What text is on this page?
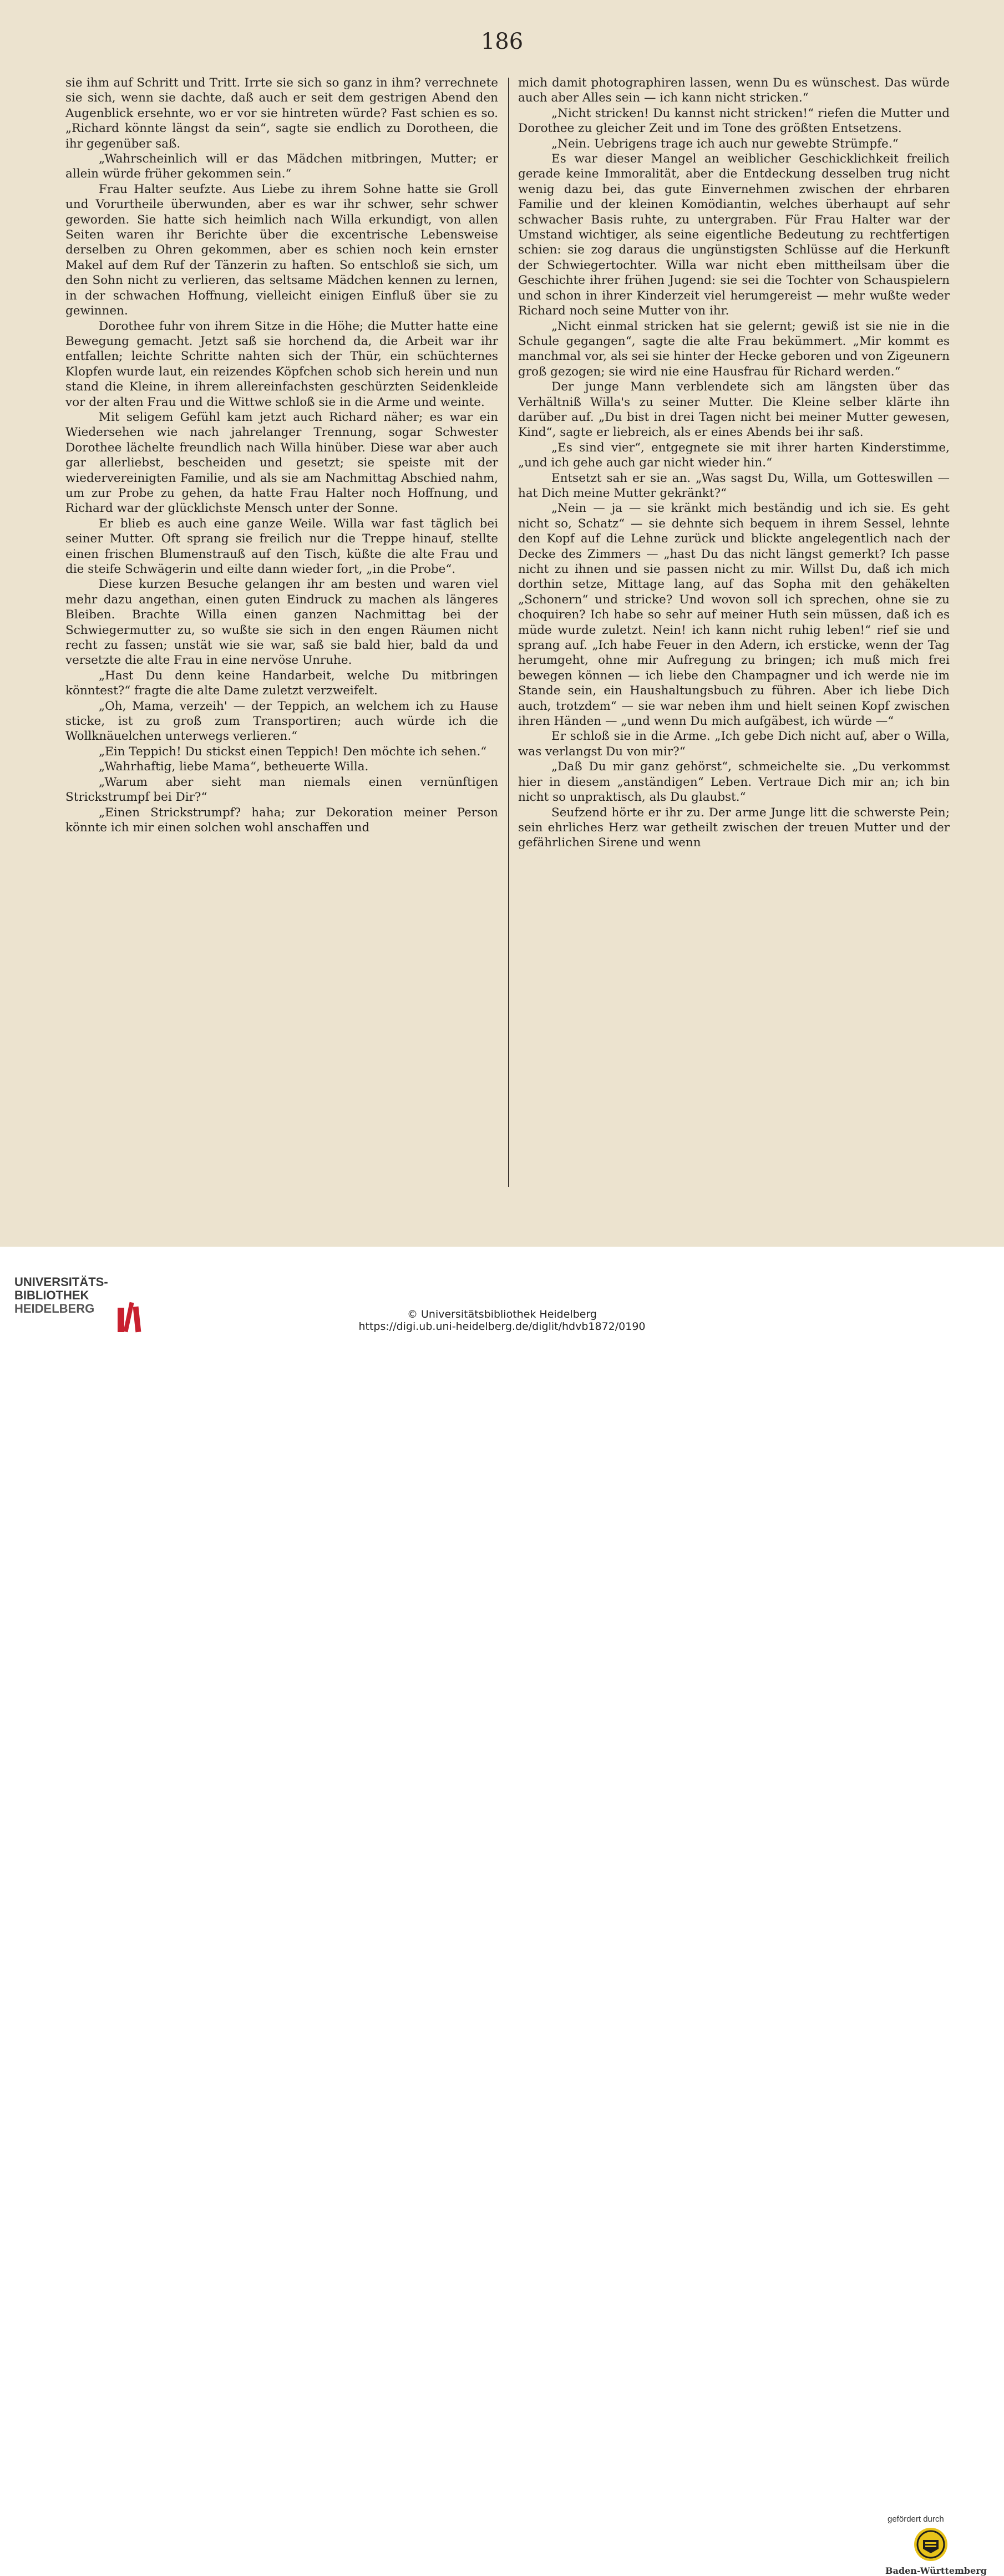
186

sie ihm auf Schritt und Tritt. Irrte sie sich so ganz in ihm? verrechnete sie sich, wenn sie dachte, daß auch er seit dem gestrigen Abend den Augenblick ersehnte, wo er vor sie hintreten würde? Fast schien es so. „Richard könnte längst da sein“, sagte sie endlich zu Dorotheen, die ihr gegenüber saß.

„Wahrscheinlich will er das Mädchen mitbringen, Mutter; er allein würde früher gekommen sein.“

Frau Halter seufzte. Aus Liebe zu ihrem Sohne hatte sie Groll und Vorurtheile überwunden, aber es war ihr schwer, sehr schwer geworden. Sie hatte sich heimlich nach Willa erkundigt, von allen Seiten waren ihr Berichte über die excentrische Lebensweise derselben zu Ohren gekommen, aber es schien noch kein ernster Makel auf dem Ruf der Tänzerin zu haften. So entschloß sie sich, um den Sohn nicht zu verlieren, das seltsame Mädchen kennen zu lernen, in der schwachen Hoffnung, vielleicht einigen Einfluß über sie zu gewinnen.

Dorothee fuhr von ihrem Sitze in die Höhe; die Mutter hatte eine Bewegung gemacht. Jetzt saß sie horchend da, die Arbeit war ihr entfallen; leichte Schritte nahten sich der Thür, ein schüchternes Klopfen wurde laut, ein reizendes Köpfchen schob sich herein und nun stand die Kleine, in ihrem allereinfachsten geschürzten Seidenkleide vor der alten Frau und die Wittwe schloß sie in die Arme und weinte.

Mit seligem Gefühl kam jetzt auch Richard näher; es war ein Wiedersehen wie nach jahrelanger Trennung, sogar Schwester Dorothee lächelte freundlich nach Willa hinüber. Diese war aber auch gar allerliebst, bescheiden und gesetzt; sie speiste mit der wiedervereinigten Familie, und als sie am Nachmittag Abschied nahm, um zur Probe zu gehen, da hatte Frau Halter noch Hoffnung, und Richard war der glücklichste Mensch unter der Sonne.

Er blieb es auch eine ganze Weile. Willa war fast täglich bei seiner Mutter. Oft sprang sie freilich nur die Treppe hinauf, stellte einen frischen Blumenstrauß auf den Tisch, küßte die alte Frau und die steife Schwägerin und eilte dann wieder fort, „in die Probe“.

Diese kurzen Besuche gelangen ihr am besten und waren viel mehr dazu angethan, einen guten Eindruck zu machen als längeres Bleiben. Brachte Willa einen ganzen Nachmittag bei der Schwiegermutter zu, so wußte sie sich in den engen Räumen nicht recht zu fassen; unstät wie sie war, saß sie bald hier, bald da und versetzte die alte Frau in eine nervöse Unruhe.

„Hast Du denn keine Handarbeit, welche Du mitbringen könntest?“ fragte die alte Dame zuletzt verzweifelt.

„Oh, Mama, verzeih' — der Teppich, an welchem ich zu Hause sticke, ist zu groß zum Transportiren; auch würde ich die Wollknäuelchen unterwegs verlieren.“

„Ein Teppich! Du stickst einen Teppich! Den möchte ich sehen.“

„Wahrhaftig, liebe Mama“, betheuerte Willa.

„Warum aber sieht man niemals einen vernünftigen Strickstrumpf bei Dir?“

„Einen Strickstrumpf? haha; zur Dekoration meiner Person könnte ich mir einen solchen wohl anschaffen und

mich damit photographiren lassen, wenn Du es wünschest. Das würde auch aber Alles sein — ich kann nicht stricken.“

„Nicht stricken! Du kannst nicht stricken!“ riefen die Mutter und Dorothee zu gleicher Zeit und im Tone des größten Entsetzens.

„Nein. Uebrigens trage ich auch nur gewebte Strümpfe.“

Es war dieser Mangel an weiblicher Geschicklichkeit freilich gerade keine Immoralität, aber die Entdeckung desselben trug nicht wenig dazu bei, das gute Einvernehmen zwischen der ehrbaren Familie und der kleinen Komödiantin, welches überhaupt auf sehr schwacher Basis ruhte, zu untergraben. Für Frau Halter war der Umstand wichtiger, als seine eigentliche Bedeutung zu rechtfertigen schien: sie zog daraus die ungünstigsten Schlüsse auf die Herkunft der Schwiegertochter. Willa war nicht eben mittheilsam über die Geschichte ihrer frühen Jugend: sie sei die Tochter von Schauspielern und schon in ihrer Kinderzeit viel herumgereist — mehr wußte weder Richard noch seine Mutter von ihr.

„Nicht einmal stricken hat sie gelernt; gewiß ist sie nie in die Schule gegangen“, sagte die alte Frau bekümmert. „Mir kommt es manchmal vor, als sei sie hinter der Hecke geboren und von Zigeunern groß gezogen; sie wird nie eine Hausfrau für Richard werden.“

Der junge Mann verblendete sich am längsten über das Verhältniß Willa's zu seiner Mutter. Die Kleine selber klärte ihn darüber auf. „Du bist in drei Tagen nicht bei meiner Mutter gewesen, Kind“, sagte er liebreich, als er eines Abends bei ihr saß.

„Es sind vier“, entgegnete sie mit ihrer harten Kinderstimme, „und ich gehe auch gar nicht wieder hin.“

Entsetzt sah er sie an. „Was sagst Du, Willa, um Gotteswillen — hat Dich meine Mutter gekränkt?“

„Nein — ja — sie kränkt mich beständig und ich sie. Es geht nicht so, Schatz“ — sie dehnte sich bequem in ihrem Sessel, lehnte den Kopf auf die Lehne zurück und blickte angelegentlich nach der Decke des Zimmers — „hast Du das nicht längst gemerkt? Ich passe nicht zu ihnen und sie passen nicht zu mir. Willst Du, daß ich mich dorthin setze, Mittage lang, auf das Sopha mit den gehäkelten „Schonern“ und stricke? Und wovon soll ich sprechen, ohne sie zu choquiren? Ich habe so sehr auf meiner Huth sein müssen, daß ich es müde wurde zuletzt. Nein! ich kann nicht ruhig leben!“ rief sie und sprang auf. „Ich habe Feuer in den Adern, ich ersticke, wenn der Tag herumgeht, ohne mir Aufregung zu bringen; ich muß mich frei bewegen können — ich liebe den Champagner und ich werde nie im Stande sein, ein Haushaltungsbuch zu führen. Aber ich liebe Dich auch, trotzdem“ — sie war neben ihm und hielt seinen Kopf zwischen ihren Händen — „und wenn Du mich aufgäbest, ich würde —“

Er schloß sie in die Arme. „Ich gebe Dich nicht auf, aber o Willa, was verlangst Du von mir?“

„Daß Du mir ganz gehörst“, schmeichelte sie. „Du verkommst hier in diesem „anständigen“ Leben. Vertraue Dich mir an; ich bin nicht so unpraktisch, als Du glaubst.“

Seufzend hörte er ihr zu. Der arme Junge litt die schwerste Pein; sein ehrliches Herz war getheilt zwischen der treuen Mutter und der gefährlichen Sirene und wenn

UNIVERSITÄTS-
BIBLIOTHEK
HEIDELBERG
gefördert durch
Baden-Württemberg
© Universitätsbibliothek Heidelberg
https://digi.ub.uni-heidelberg.de/diglit/hdvb1872/0190
